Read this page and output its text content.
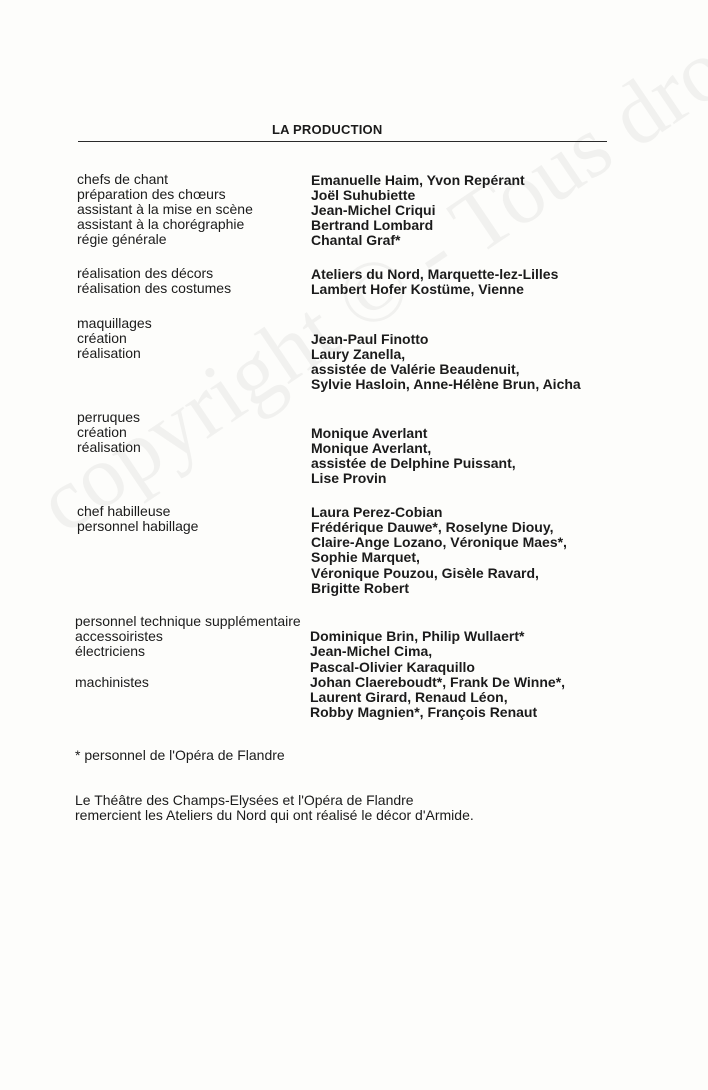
LA PRODUCTION
chefs de chant	Emanuelle Haim, Yvon Repérant
préparation des chœurs	Joël Suhubiette
assistant à la mise en scène	Jean-Michel Criqui
assistant à la chorégraphie	Bertrand Lombard
régie générale	Chantal Graf*
réalisation des décors	Ateliers du Nord, Marquette-lez-Lilles
réalisation des costumes	Lambert Hofer Kostüme, Vienne
maquillages
création	Jean-Paul Finotto
réalisation	Laury Zanella,
assistée de Valérie Beaudenuit,
Sylvie Hasloin, Anne-Hélène Brun, Aicha
perruques
création	Monique Averlant
réalisation	Monique Averlant,
assistée de Delphine Puissant,
Lise Provin
chef habilleuse	Laura Perez-Cobian
personnel habillage	Frédérique Dauwe*, Roselyne Diouy,
Claire-Ange Lozano, Véronique Maes*,
Sophie Marquet,
Véronique Pouzou, Gisèle Ravard,
Brigitte Robert
personnel technique supplémentaire
accessoiristes	Dominique Brin, Philip Wullaert*
électriciens	Jean-Michel Cima,
Pascal-Olivier Karaquillo
machinistes	Johan Claereboudt*, Frank De Winne*,
Laurent Girard, Renaud Léon,
Robby Magnien*, François Renaut
* personnel de l'Opéra de Flandre
Le Théâtre des Champs-Elysées et l'Opéra de Flandre
remercient les Ateliers du Nord qui ont réalisé le décor d'Armide.
